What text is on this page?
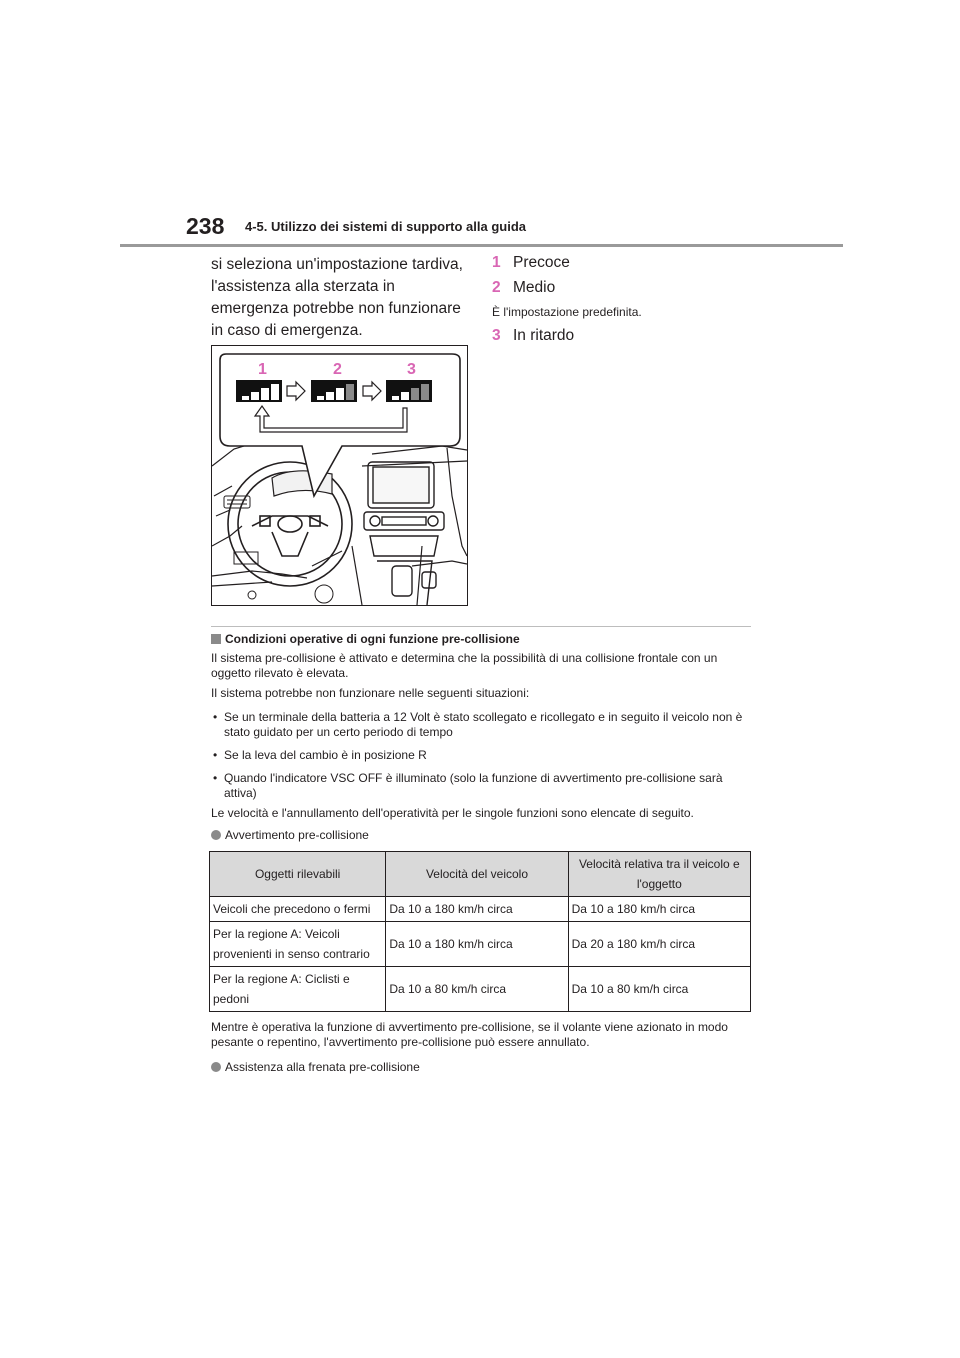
238 4-5. Utilizzo dei sistemi di supporto alla guida
si seleziona un'impostazione tardiva, l'assistenza alla sterzata in emergenza potrebbe non funzionare in caso di emergenza.
1 Precoce
2 Medio
È l'impostazione predefinita.
3 In ritardo
1	2	3
Condizioni operative di ogni funzione pre-collisione
Il sistema pre-collisione è attivato e determina che la possibilità di una collisione frontale con un oggetto rilevato è elevata.
Il sistema potrebbe non funzionare nelle seguenti situazioni:
• Se un terminale della batteria a 12 Volt è stato scollegato e ricollegato e in seguito il veicolo non è stato guidato per un certo periodo di tempo
• Se la leva del cambio è in posizione R
• Quando l'indicatore VSC OFF è illuminato (solo la funzione di avvertimento pre-collisione sarà attiva)
Le velocità e l'annullamento dell'operatività per le singole funzioni sono elencate di seguito.
Avvertimento pre-collisione
Oggetti rilevabili	Velocità del veicolo	Velocità relativa tra il veicolo e l'oggetto
Veicoli che precedono o fermi	Da 10 a 180 km/h circa	Da 10 a 180 km/h circa
Per la regione A: Veicoli provenienti in senso contrario	Da 10 a 180 km/h circa	Da 20 a 180 km/h circa
Per la regione A: Ciclisti e pedoni	Da 10 a 80 km/h circa	Da 10 a 80 km/h circa
Mentre è operativa la funzione di avvertimento pre-collisione, se il volante viene azionato in modo pesante o repentino, l'avvertimento pre-collisione può essere annullato.
Assistenza alla frenata pre-collisione
